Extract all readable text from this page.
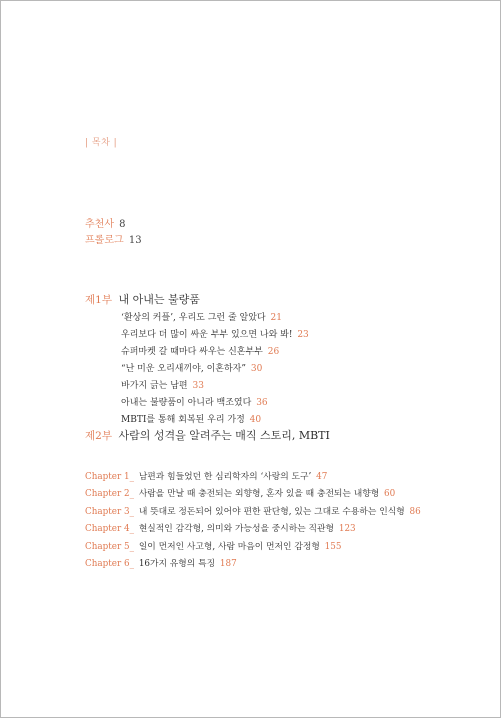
| 목차 |
추천사 8
프롤로그 13
제1부 내 아내는 불량품
‘환상의 커플’, 우리도 그런 줄 알았다 21
우리보다 더 많이 싸운 부부 있으면 나와 봐! 23
슈퍼마켓 갈 때마다 싸우는 신혼부부 26
“난 미운 오리새끼야, 이혼하자” 30
바가지 긁는 남편 33
아내는 불량품이 아니라 백조였다 36
MBTI를 통해 회복된 우리 가정 40
제2부 사람의 성격을 알려주는 매직 스토리, MBTI
Chapter 1_ 남편과 힘들었던 한 심리학자의 ‘사랑의 도구’ 47
Chapter 2_ 사람을 만날 때 충전되는 외향형, 혼자 있을 때 충전되는 내향형 60
Chapter 3_ 내 뜻대로 정돈되어 있어야 편한 판단형, 있는 그대로 수용하는 인식형 86
Chapter 4_ 현실적인 감각형, 의미와 가능성을 중시하는 직관형 123
Chapter 5_ 일이 먼저인 사고형, 사람 마음이 먼저인 감정형 155
Chapter 6_ 16가지 유형의 특징 187
